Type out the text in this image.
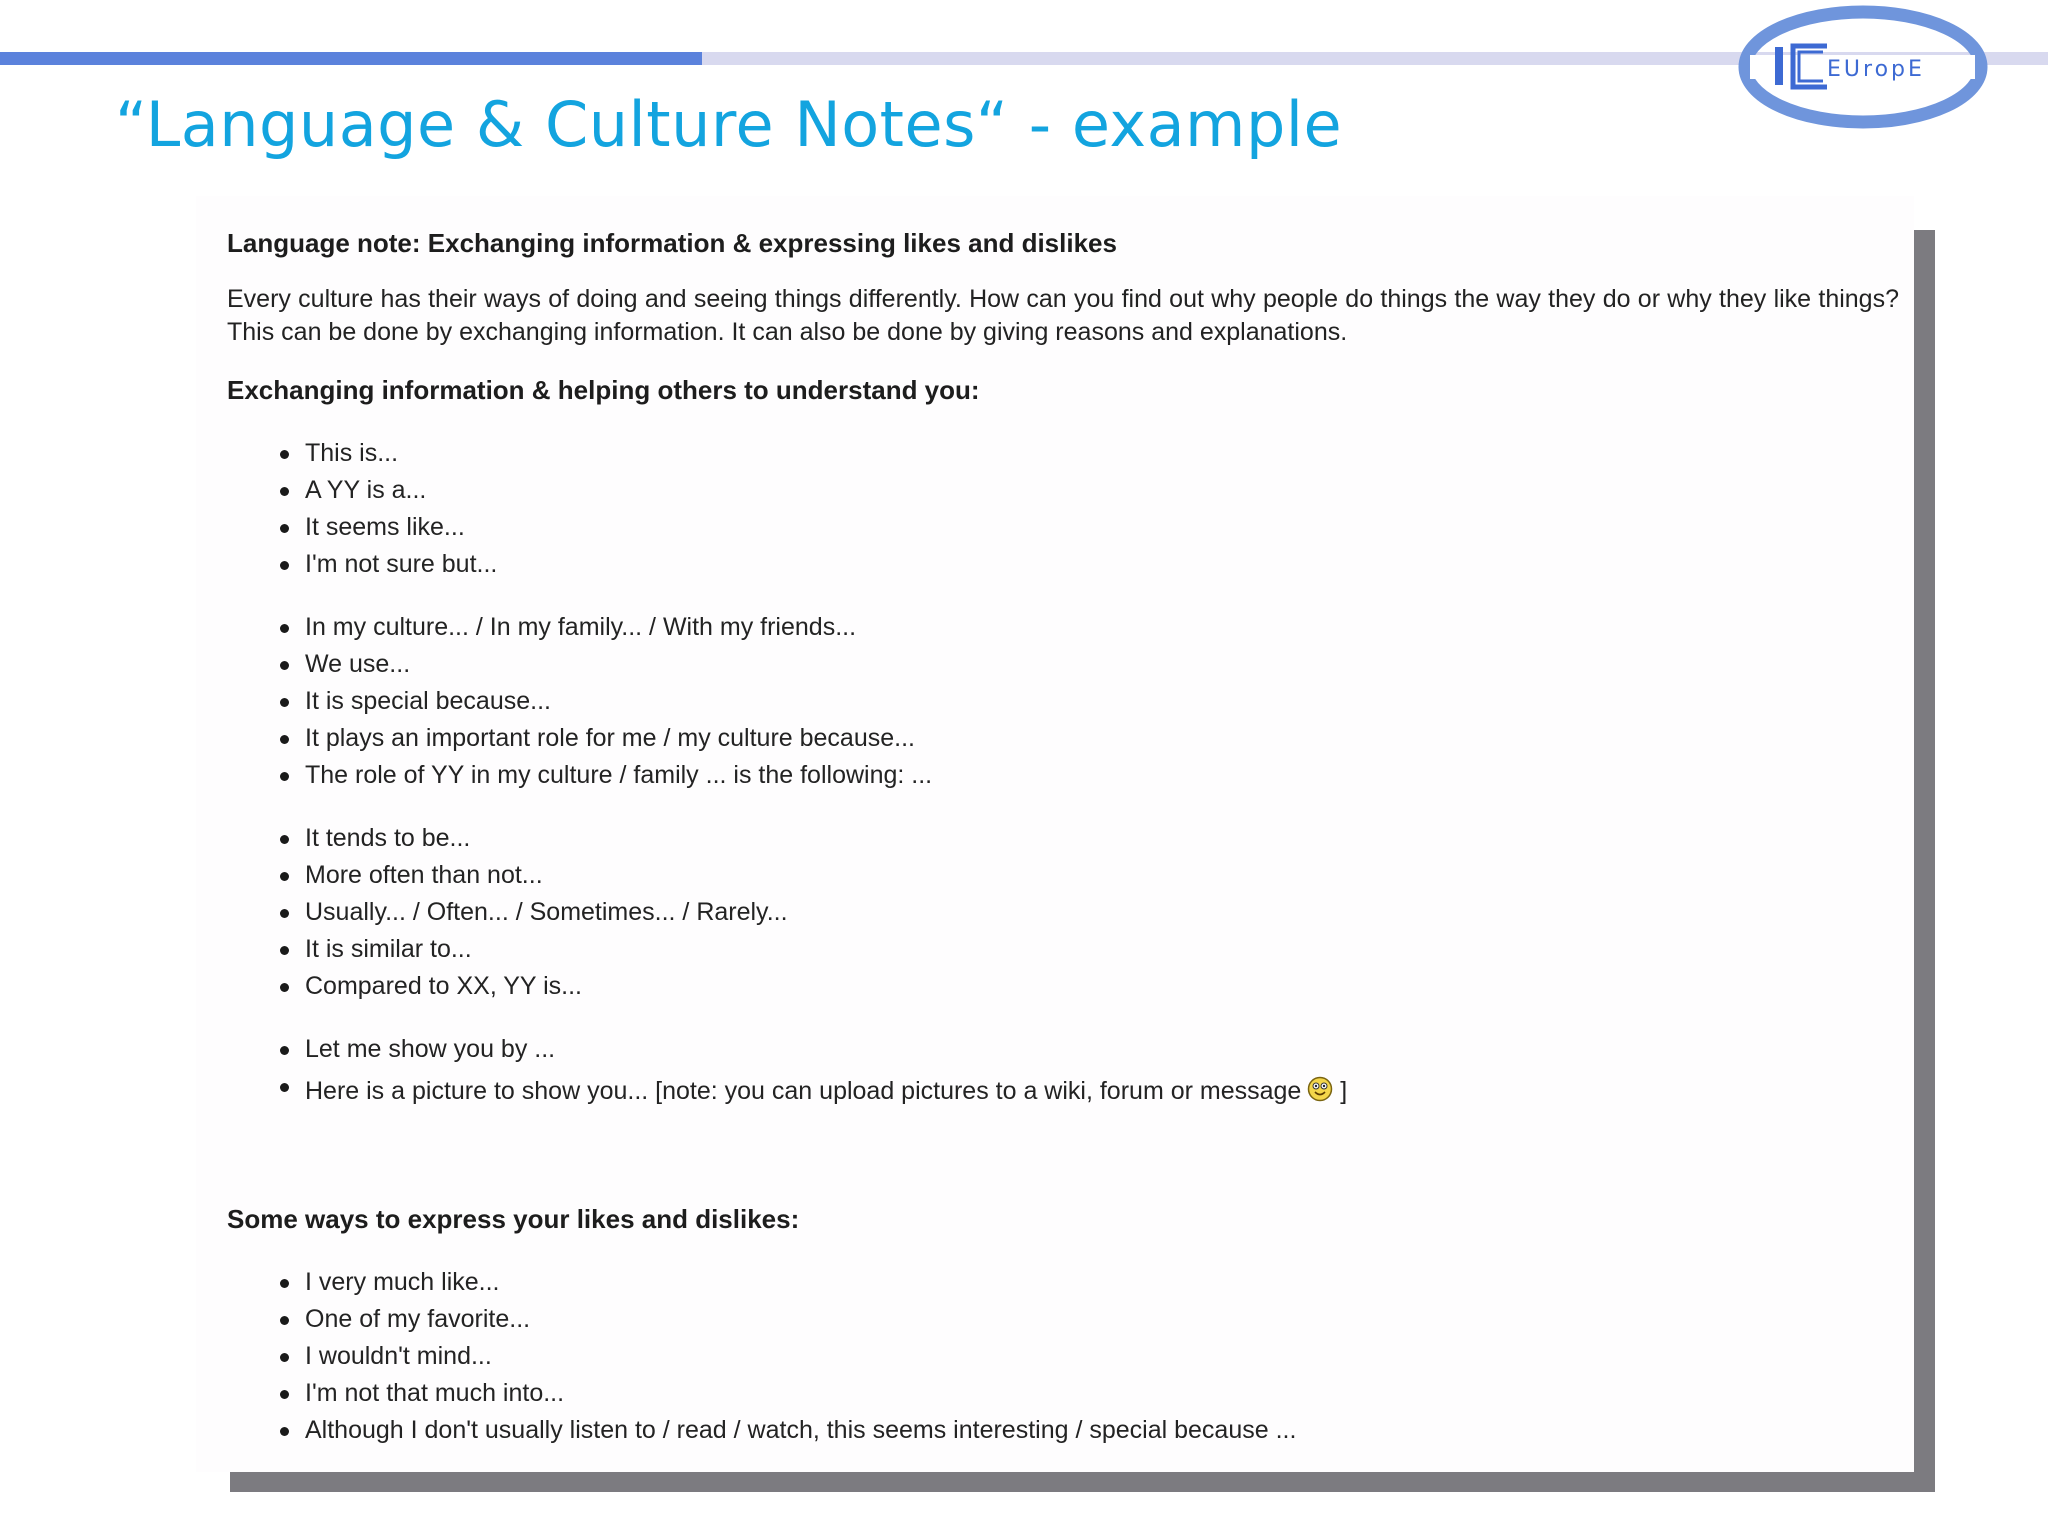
EUropE
“Language & Culture Notes“ - example
Language note: Exchanging information & expressing likes and dislikes
Every culture has their ways of doing and seeing things differently. How can you find out why people do things the way they do or why they like things? This can be done by exchanging information. It can also be done by giving reasons and explanations.
Exchanging information & helping others to understand you:
This is...
A YY is a...
It seems like...
I'm not sure but...
In my culture... / In my family... / With my friends...
We use...
It is special because...
It plays an important role for me / my culture because...
The role of YY in my culture / family ... is the following: ...
It tends to be...
More often than not...
Usually... / Often... / Sometimes... / Rarely...
It is similar to...
Compared to XX, YY is...
Let me show you by ...
Here is a picture to show you... [note: you can upload pictures to a wiki, forum or message ]
Some ways to express your likes and dislikes:
I very much like...
One of my favorite...
I wouldn't mind...
I'm not that much into...
Although I don't usually listen to / read / watch, this seems interesting / special because ...
